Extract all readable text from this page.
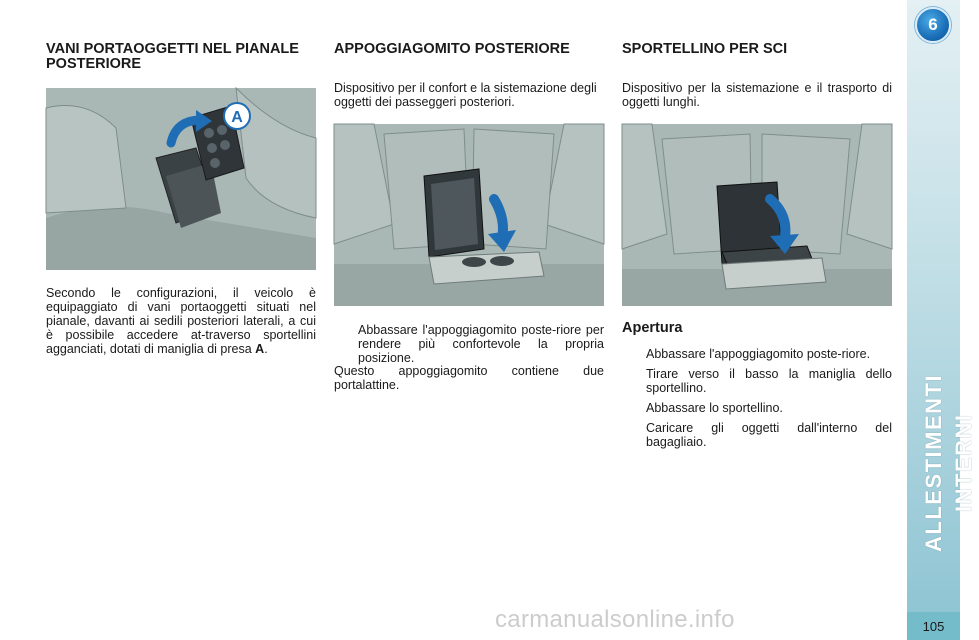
VANI PORTAOGGETTI NEL PIANALE POSTERIORE
A

Secondo le configurazioni, il veicolo è equipaggiato di vani portaoggetti situati nel pianale, davanti ai sedili posteriori laterali, a cui è possibile accedere at-traverso sportellini agganciati, dotati di maniglia di presa A.

APPOGGIAGOMITO POSTERIORE

Dispositivo per il confort e la sistemazione degli oggetti dei passeggeri posteriori.

Abbassare l'appoggiagomito poste-riore per rendere più confortevole la propria posizione.

Questo appoggiagomito contiene due portalattine.

SPORTELLINO PER SCI

Dispositivo per la sistemazione e il trasporto di oggetti lunghi.

Apertura
Abbassare l'appoggiagomito poste-riore.
Tirare verso il basso la maniglia dello sportellino.
Abbassare lo sportellino.
Caricare gli oggetti dall'interno del bagagliaio.
6
ALLESTIMENTI INTERNI
105
carmanualsonline.info
